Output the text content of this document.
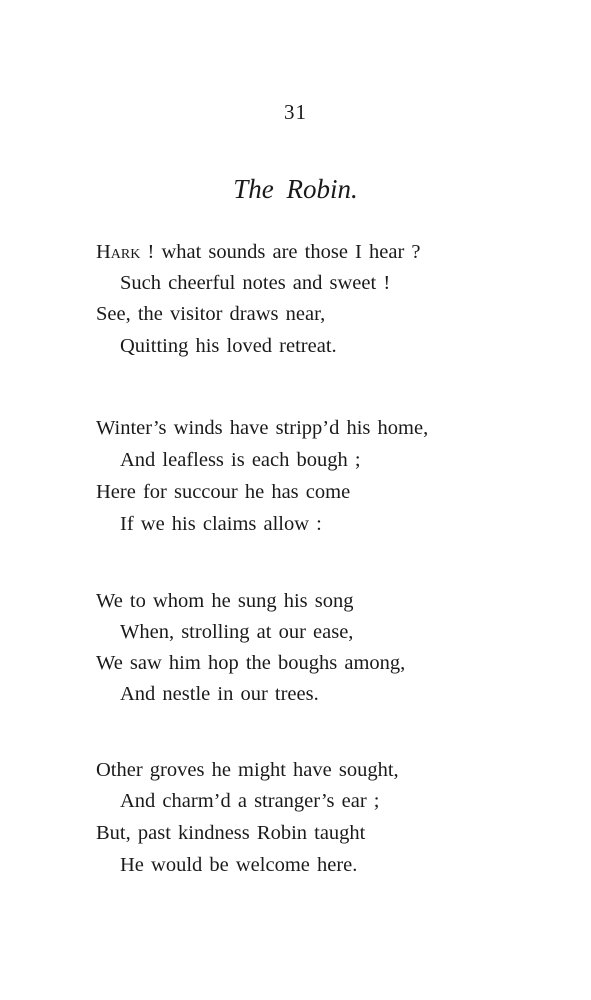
31
The Robin.
Hark ! what sounds are those I hear ?
Such cheerful notes and sweet !
See, the visitor draws near,
Quitting his loved retreat.
Winter’s winds have stripp’d his home,
And leafless is each bough ;
Here for succour he has come
If we his claims allow :
We to whom he sung his song
When, strolling at our ease,
We saw him hop the boughs among,
And nestle in our trees.
Other groves he might have sought,
And charm’d a stranger’s ear ;
But, past kindness Robin taught
He would be welcome here.
